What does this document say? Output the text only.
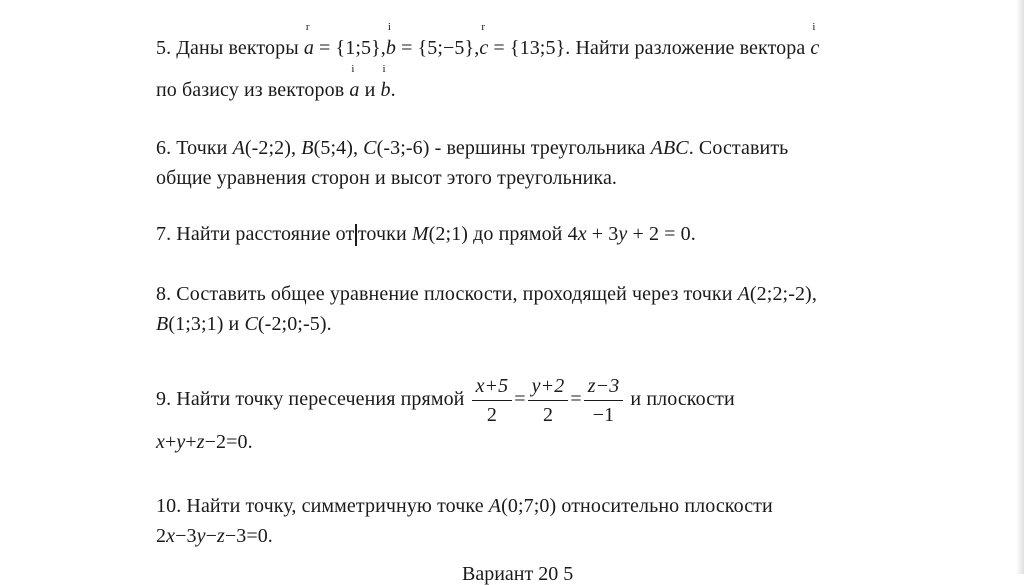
5. Даны векторы
r
a = {1;5},
i
b = {5;−5},
r
c = {13;5}. Найти разложение вектора
i
c
по базису из векторов
i
a и
i
b.
6. Точки A(-2;2), B(5;4), C(-3;-6) - вершины треугольника ABC. Составить
общие уравнения сторон и высот этого треугольника.
7. Найти расстояние от точки M(2;1) до прямой 4x + 3y + 2 = 0.
8. Составить общее уравнение плоскости, проходящей через точки A(2;2;-2),
B(1;3;1) и C(-2;0;-5).
9. Найти точку пересечения прямой $\frac{x+5}{2} = \frac{y+2}{2} = \frac{z-3}{-1}$ и плоскости
x+y+z−2=0.
10. Найти точку, симметричную точке A(0;7;0) относительно плоскости
2x−3y−z−3=0.
Вариант 20 5
